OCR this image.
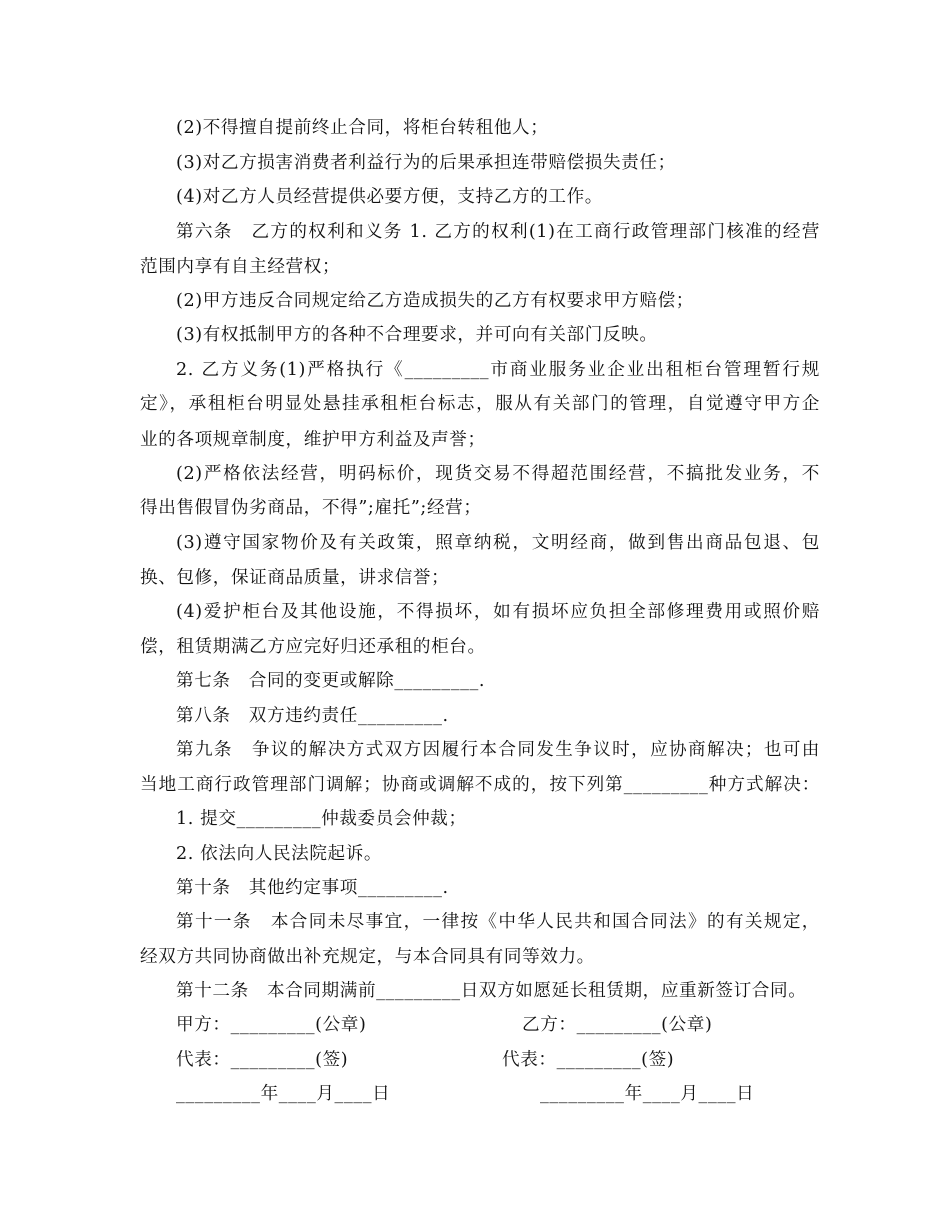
(2)不得擅自提前终止合同，将柜台转租他人；
(3)对乙方损害消费者利益行为的后果承担连带赔偿损失责任；
(4)对乙方人员经营提供必要方便，支持乙方的工作。
第六条　乙方的权利和义务 1. 乙方的权利(1)在工商行政管理部门核准的经营
范围内享有自主经营权；
(2)甲方违反合同规定给乙方造成损失的乙方有权要求甲方赔偿；
(3)有权抵制甲方的各种不合理要求，并可向有关部门反映。
2. 乙方义务(1)严格执行《_________市商业服务业企业出租柜台管理暂行规
定》，承租柜台明显处悬挂承租柜台标志，服从有关部门的管理，自觉遵守甲方企
业的各项规章制度，维护甲方利益及声誉；
(2)严格依法经营，明码标价，现货交易不得超范围经营，不搞批发业务，不
得出售假冒伪劣商品，不得”;雇托”;经营；
(3)遵守国家物价及有关政策，照章纳税，文明经商，做到售出商品包退、包
换、包修，保证商品质量，讲求信誉；
(4)爱护柜台及其他设施，不得损坏，如有损坏应负担全部修理费用或照价赔
偿，租赁期满乙方应完好归还承租的柜台。
第七条　合同的变更或解除_________.
第八条　双方违约责任_________.
第九条　争议的解决方式双方因履行本合同发生争议时，应协商解决；也可由
当地工商行政管理部门调解；协商或调解不成的，按下列第_________种方式解决：
1. 提交_________仲裁委员会仲裁；
2. 依法向人民法院起诉。
第十条　其他约定事项_________.
第十一条　本合同未尽事宜，一律按《中华人民共和国合同法》的有关规定，
经双方共同协商做出补充规定，与本合同具有同等效力。
第十二条　本合同期满前_________日双方如愿延长租赁期，应重新签订合同。
甲方：_________(公章)	乙方：_________(公章)
代表：_________(签)	代表：_________(签)
_________年____月____日	_________年____月____日
